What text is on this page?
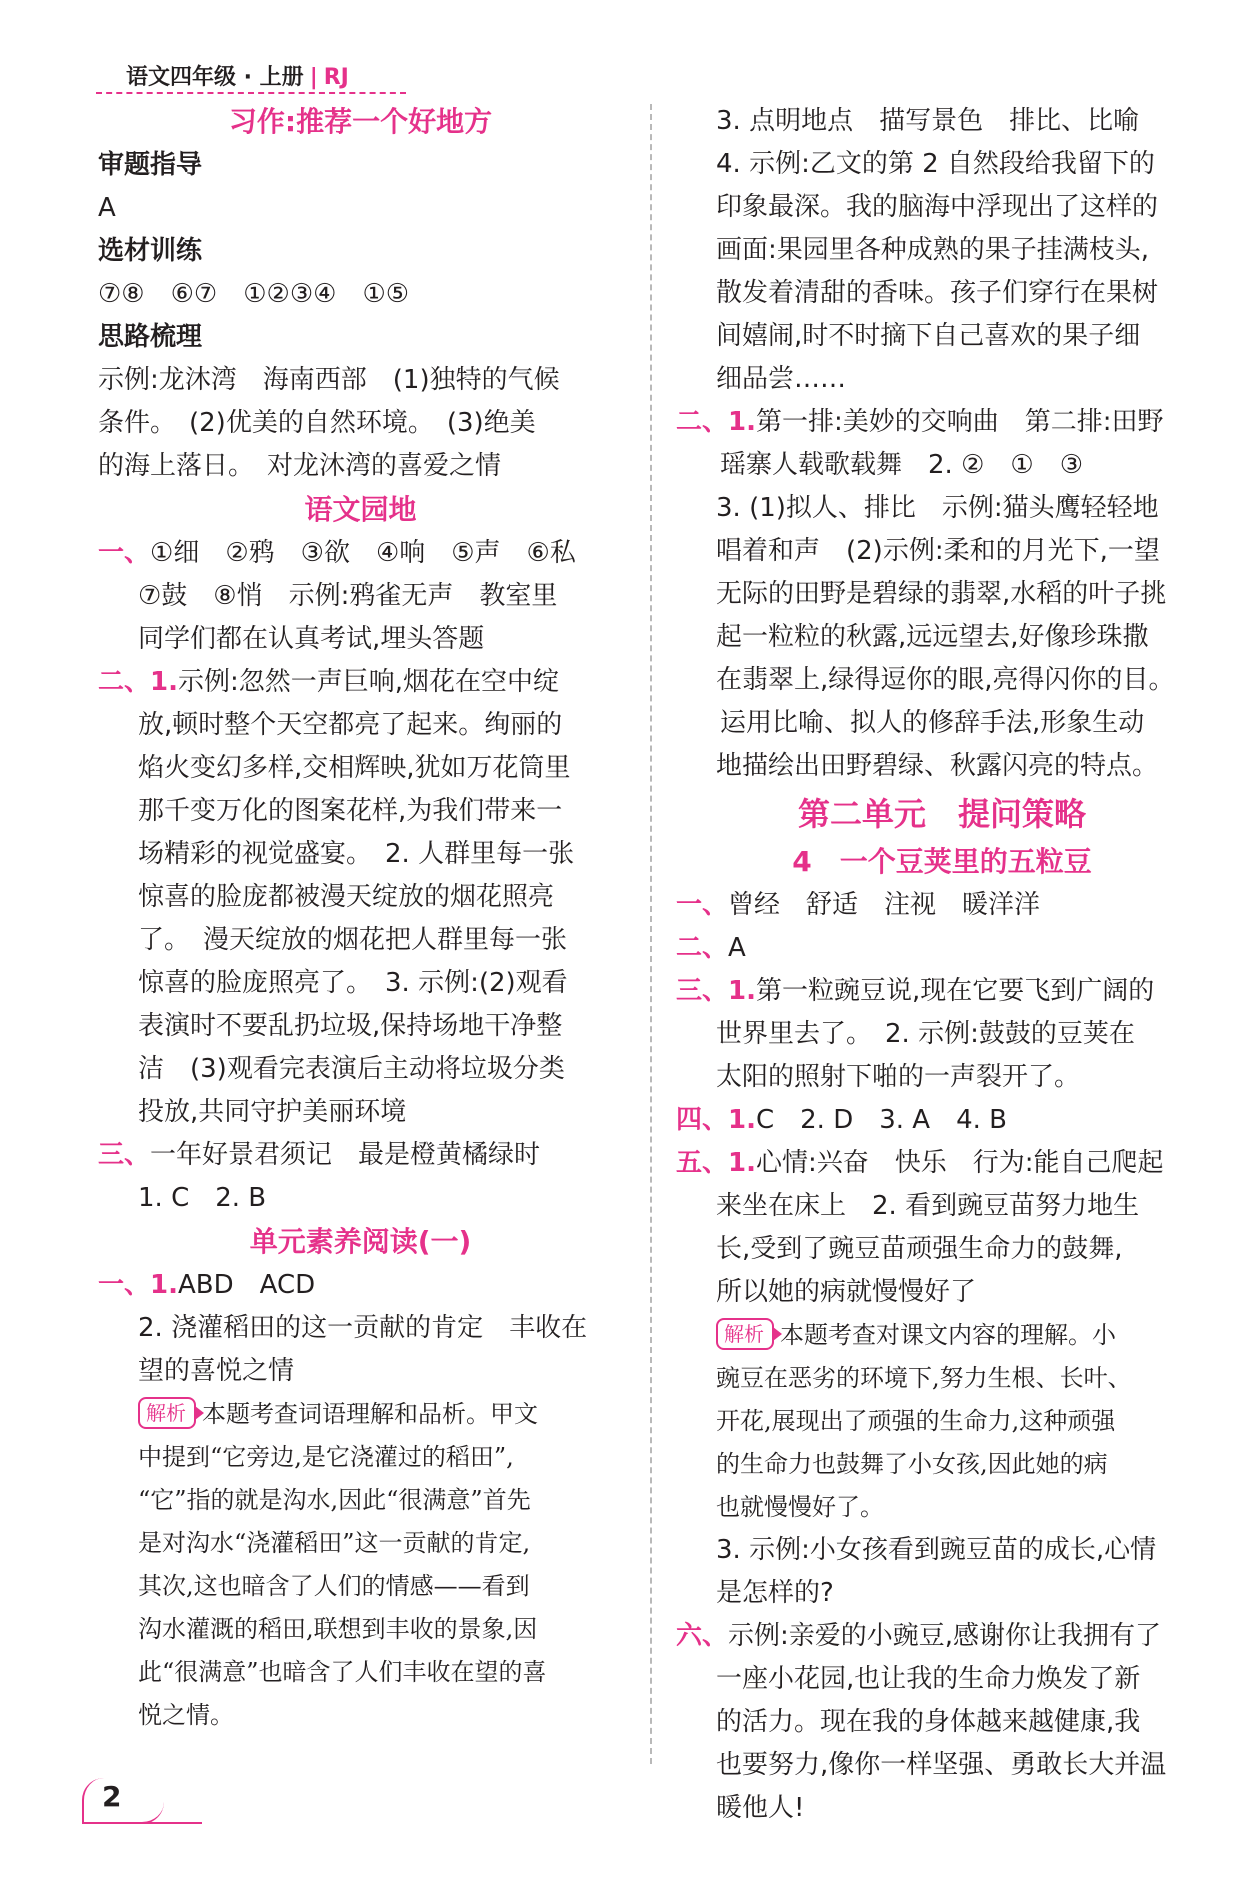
语文四年级 · 上册 | RJ
习作:推荐一个好地方
审题指导
A
选材训练
⑦⑧　⑥⑦　①②③④　①⑤
思路梳理
示例:龙沐湾　海南西部　(1)独特的气候
条件。　(2)优美的自然环境。　(3)绝美
的海上落日。　对龙沐湾的喜爱之情
语文园地
一、①细　②鸦　③欲　④响　⑤声　⑥私
⑦鼓　⑧悄　示例:鸦雀无声　教室里
同学们都在认真考试,埋头答题
二、1.示例:忽然一声巨响,烟花在空中绽
放,顿时整个天空都亮了起来。绚丽的
焰火变幻多样,交相辉映,犹如万花筒里
那千变万化的图案花样,为我们带来一
场精彩的视觉盛宴。　2. 人群里每一张
惊喜的脸庞都被漫天绽放的烟花照亮
了。　漫天绽放的烟花把人群里每一张
惊喜的脸庞照亮了。　3. 示例:(2)观看
表演时不要乱扔垃圾,保持场地干净整
洁　(3)观看完表演后主动将垃圾分类
投放,共同守护美丽环境
三、一年好景君须记　最是橙黄橘绿时
1. C　2. B
单元素养阅读(一)
一、1.ABD　ACD
2. 浇灌稻田的这一贡献的肯定　丰收在
望的喜悦之情
解析 本题考查词语理解和品析。甲文
中提到“它旁边,是它浇灌过的稻田”,
“它”指的就是沟水,因此“很满意”首先
是对沟水“浇灌稻田”这一贡献的肯定,
其次,这也暗含了人们的情感——看到
沟水灌溉的稻田,联想到丰收的景象,因
此“很满意”也暗含了人们丰收在望的喜
悦之情。
3. 点明地点　描写景色　排比、比喻
4. 示例:乙文的第 2 自然段给我留下的
印象最深。我的脑海中浮现出了这样的
画面:果园里各种成熟的果子挂满枝头,
散发着清甜的香味。孩子们穿行在果树
间嬉闹,时不时摘下自己喜欢的果子细
细品尝……
二、1.第一排:美妙的交响曲　第二排:田野
瑶寨人载歌载舞　2. ②　①　③
3. (1)拟人、排比　示例:猫头鹰轻轻地
唱着和声　(2)示例:柔和的月光下,一望
无际的田野是碧绿的翡翠,水稻的叶子挑
起一粒粒的秋露,远远望去,好像珍珠撒
在翡翠上,绿得逗你的眼,亮得闪你的目。
运用比喻、拟人的修辞手法,形象生动
地描绘出田野碧绿、秋露闪亮的特点。
第二单元　提问策略
4　一个豆荚里的五粒豆
一、曾经　舒适　注视　暖洋洋
二、A
三、1.第一粒豌豆说,现在它要飞到广阔的
世界里去了。　2. 示例:鼓鼓的豆荚在
太阳的照射下啪的一声裂开了。
四、1.C　2. D　3. A　4. B
五、1.心情:兴奋　快乐　行为:能自己爬起
来坐在床上　2. 看到豌豆苗努力地生
长,受到了豌豆苗顽强生命力的鼓舞,
所以她的病就慢慢好了
解析 本题考查对课文内容的理解。小
豌豆在恶劣的环境下,努力生根、长叶、
开花,展现出了顽强的生命力,这种顽强
的生命力也鼓舞了小女孩,因此她的病
也就慢慢好了。
3. 示例:小女孩看到豌豆苗的成长,心情
是怎样的?
六、示例:亲爱的小豌豆,感谢你让我拥有了
一座小花园,也让我的生命力焕发了新
的活力。现在我的身体越来越健康,我
也要努力,像你一样坚强、勇敢长大并温
暖他人!
2
